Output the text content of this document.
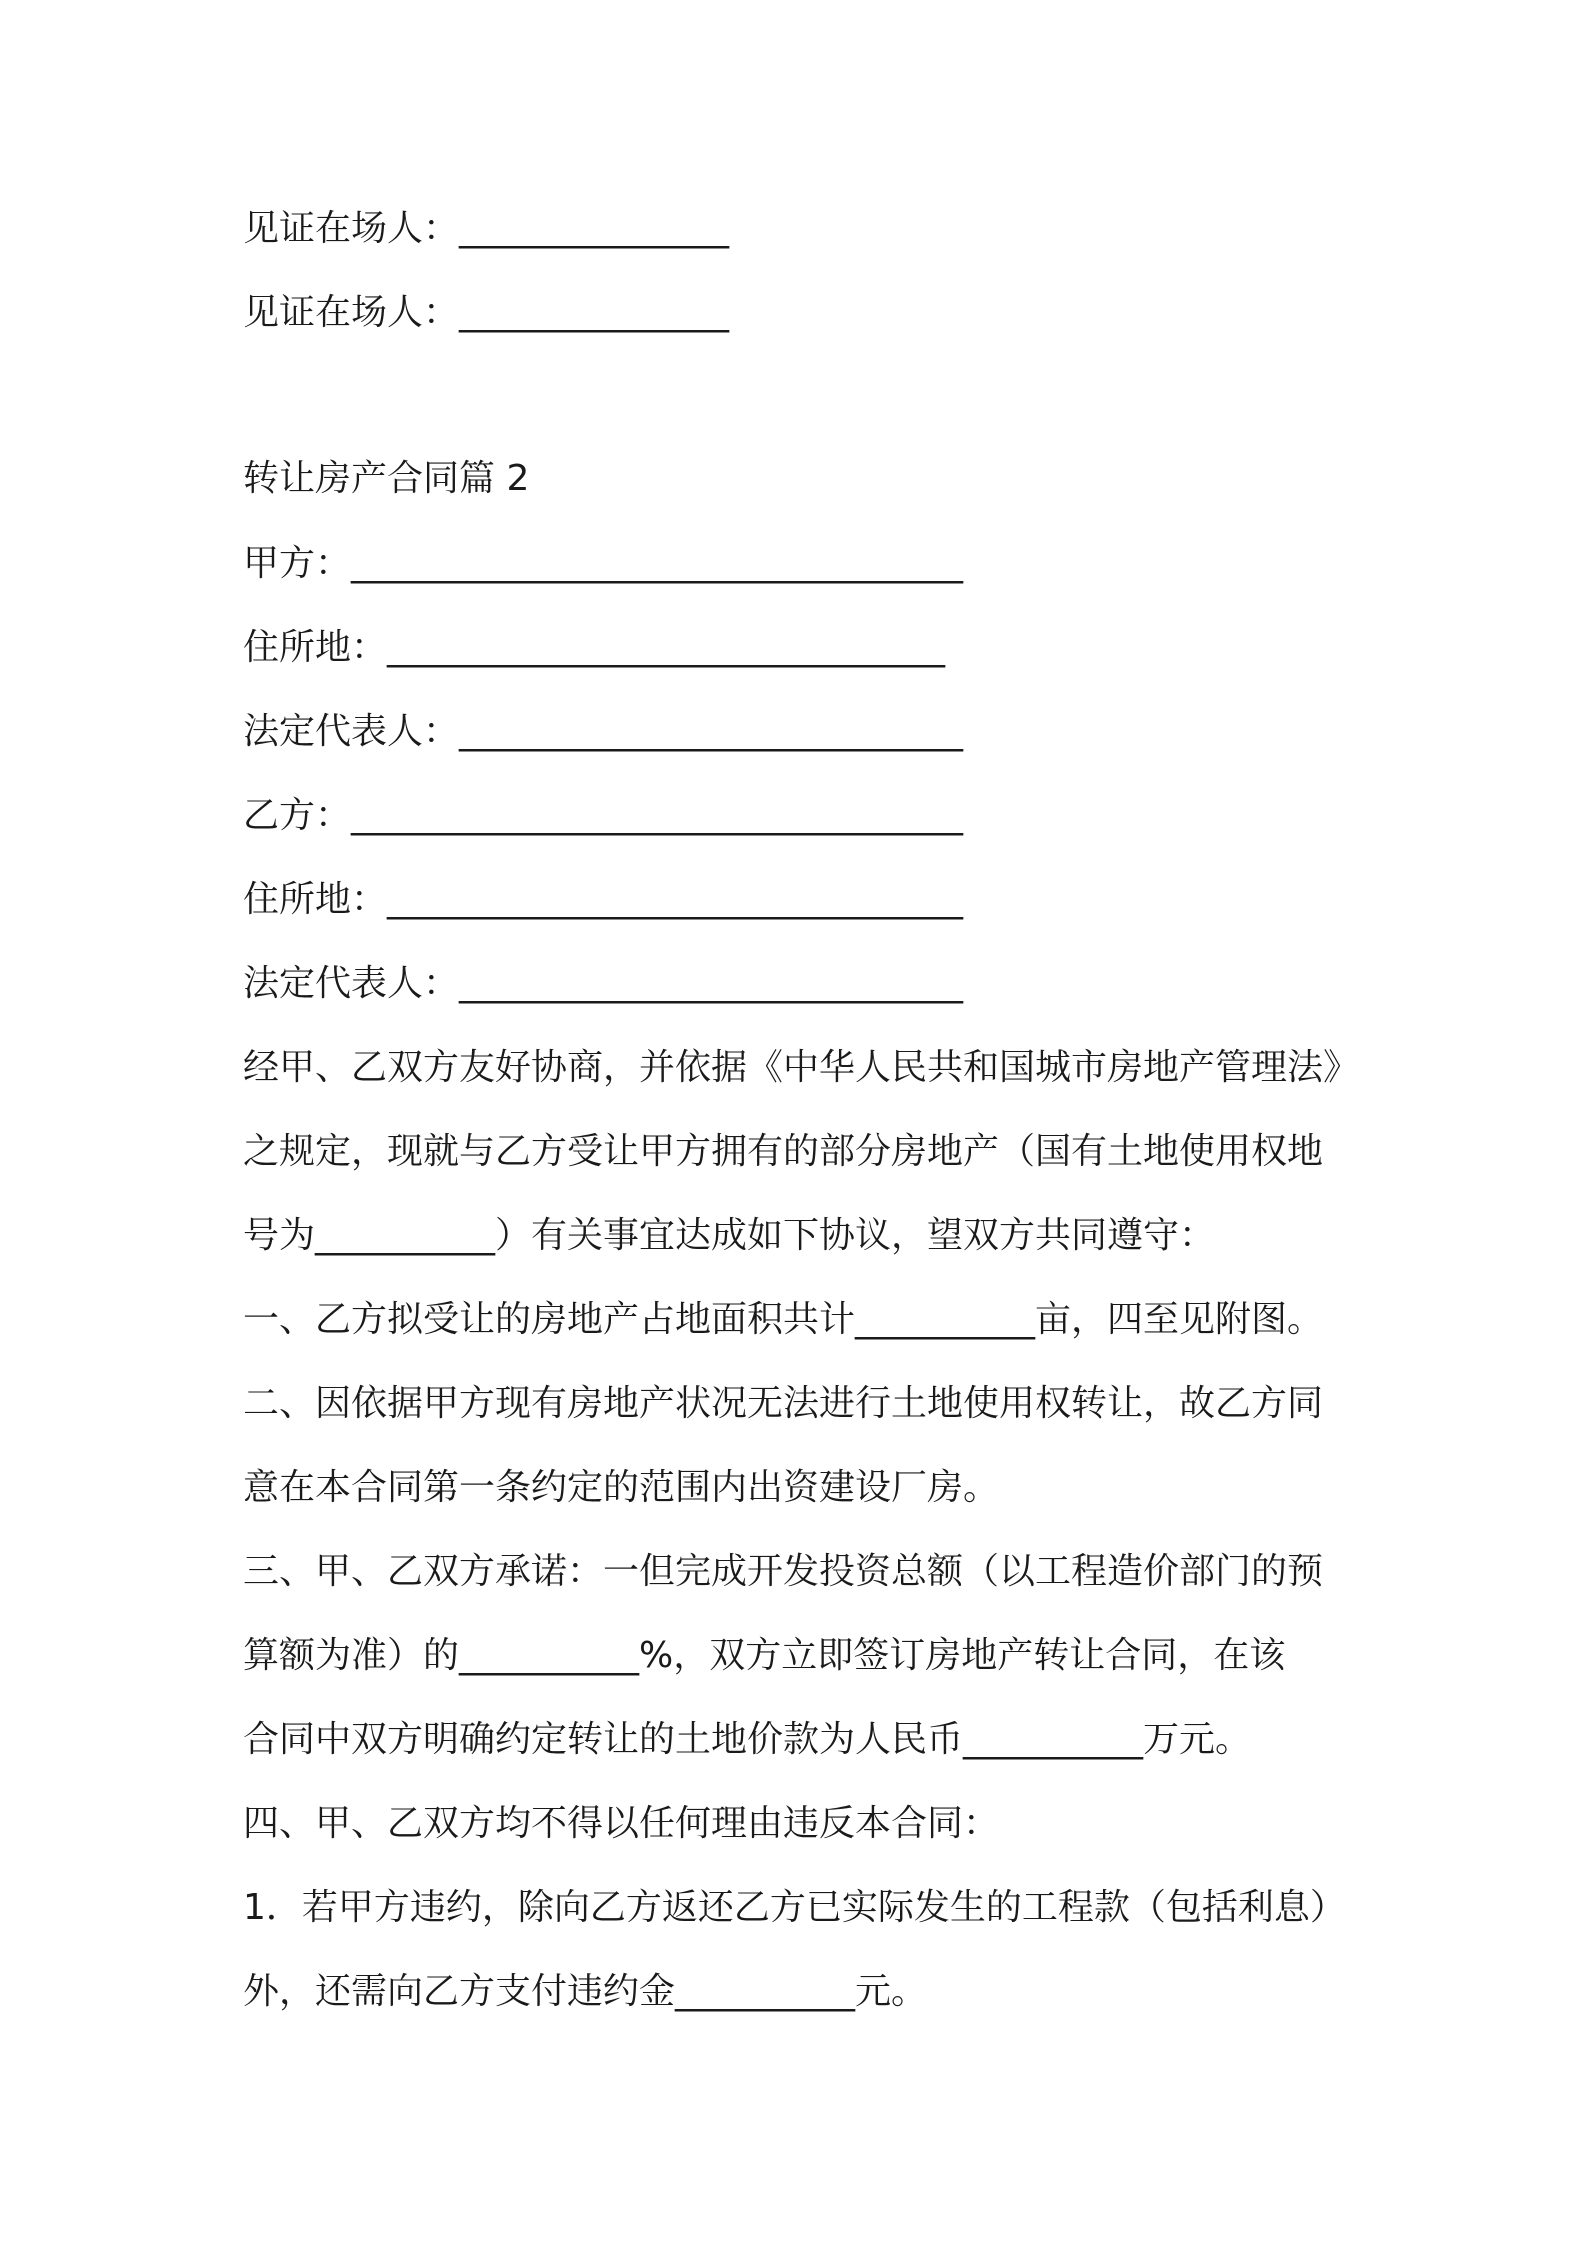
见证在场人：_______________
见证在场人：_______________
转让房产合同篇 2
甲方：__________________________________
住所地：_______________________________
法定代表人：____________________________
乙方：__________________________________
住所地：________________________________
法定代表人：____________________________
经甲、乙双方友好协商，并依据《中华人民共和国城市房地产管理法》
之规定，现就与乙方受让甲方拥有的部分房地产（国有土地使用权地
号为__________）有关事宜达成如下协议，望双方共同遵守：
一、乙方拟受让的房地产占地面积共计__________亩，四至见附图。
二、因依据甲方现有房地产状况无法进行土地使用权转让，故乙方同
意在本合同第一条约定的范围内出资建设厂房。
三、甲、乙双方承诺：一但完成开发投资总额（以工程造价部门的预
算额为准）的__________%，双方立即签订房地产转让合同，在该
合同中双方明确约定转让的土地价款为人民币__________万元。
四、甲、乙双方均不得以任何理由违反本合同：
1．若甲方违约，除向乙方返还乙方已实际发生的工程款（包括利息）
外，还需向乙方支付违约金__________元。
